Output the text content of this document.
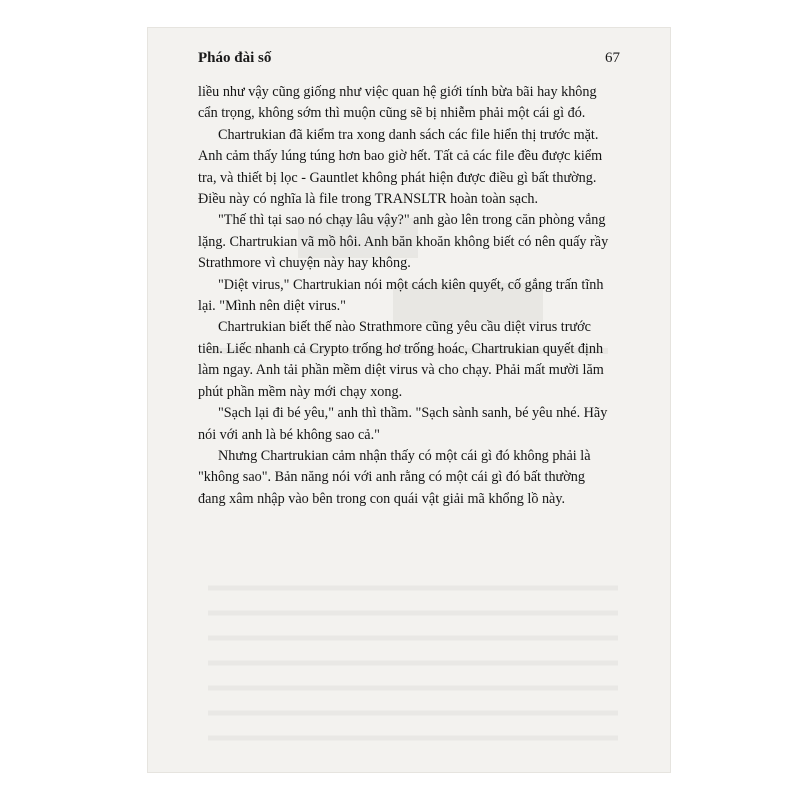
Pháo đài số	67

liều như vậy cũng giống như việc quan hệ giới tính bừa bãi hay không cẩn trọng, không sớm thì muộn cũng sẽ bị nhiễm phải một cái gì đó.

Chartrukian đã kiểm tra xong danh sách các file hiển thị trước mặt. Anh cảm thấy lúng túng hơn bao giờ hết. Tất cả các file đều được kiểm tra, và thiết bị lọc - Gauntlet không phát hiện được điều gì bất thường. Điều này có nghĩa là file trong TRANSLTR hoàn toàn sạch.

"Thế thì tại sao nó chạy lâu vậy?" anh gào lên trong căn phòng vắng lặng. Chartrukian vã mồ hôi. Anh băn khoăn không biết có nên quấy rầy Strathmore vì chuyện này hay không.

"Diệt virus," Chartrukian nói một cách kiên quyết, cố gắng trấn tĩnh lại. "Mình nên diệt virus."

Chartrukian biết thế nào Strathmore cũng yêu cầu diệt virus trước tiên. Liếc nhanh cả Crypto trống hơ trống hoác, Chartrukian quyết định làm ngay. Anh tải phần mềm diệt virus và cho chạy. Phải mất mười lăm phút phần mềm này mới chạy xong.

"Sạch lại đi bé yêu," anh thì thầm. "Sạch sành sanh, bé yêu nhé. Hãy nói với anh là bé không sao cả."

Nhưng Chartrukian cảm nhận thấy có một cái gì đó không phải là "không sao". Bản năng nói với anh rằng có một cái gì đó bất thường đang xâm nhập vào bên trong con quái vật giải mã khổng lồ này.
